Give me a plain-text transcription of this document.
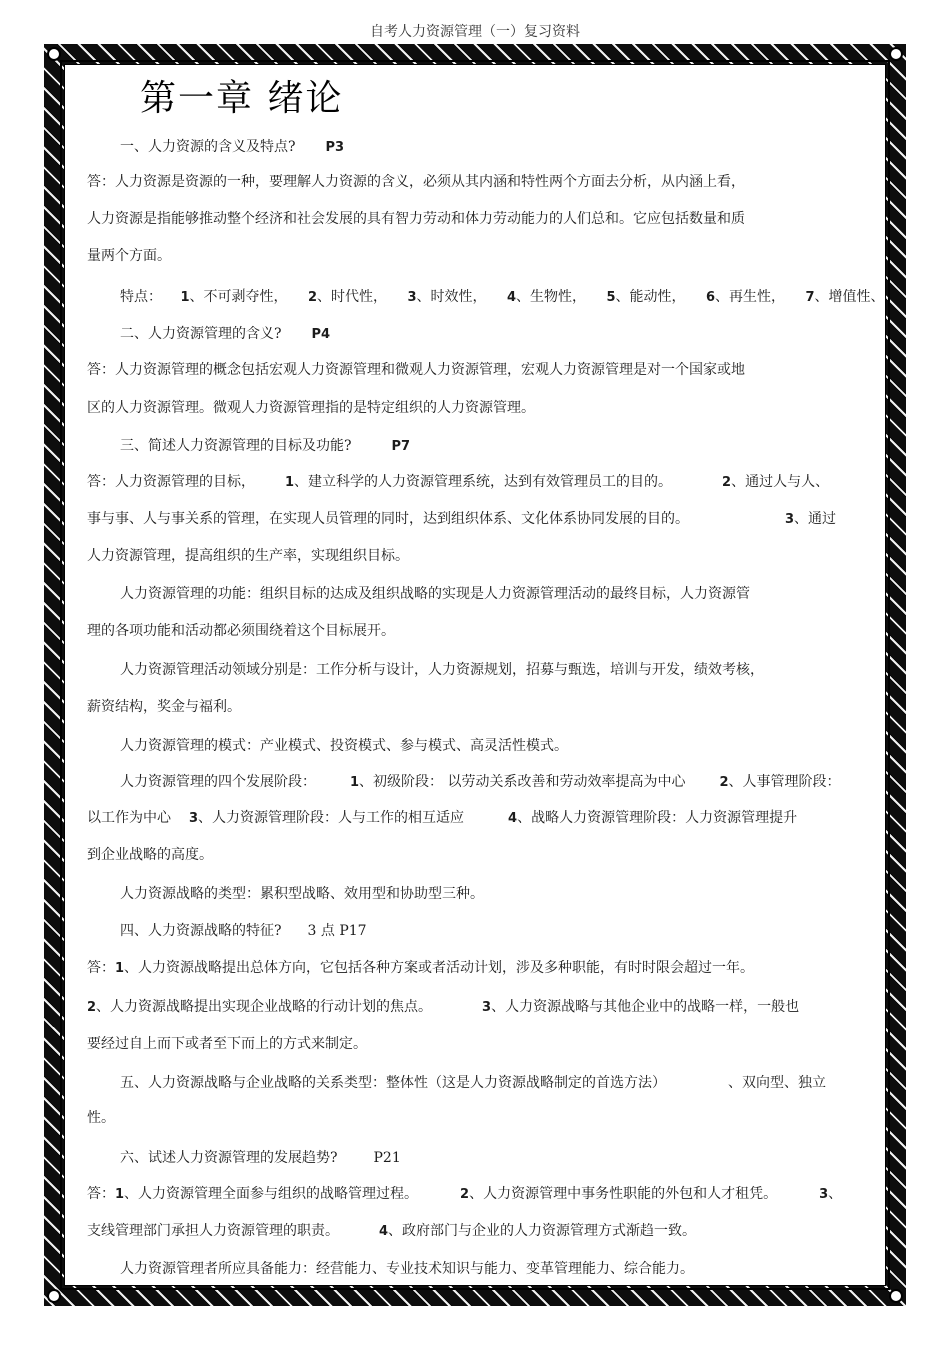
自考人力资源管理（一）复习资料
第一章 绪论
一、人力资源的含义及特点? P3
答：人力资源是资源的一种，要理解人力资源的含义，必须从其内涵和特性两个方面去分析，从内涵上看，
人力资源是指能够推动整个经济和社会发展的具有智力劳动和体力劳动能力的人们总和。它应包括数量和质
量两个方面。
特点： 1、不可剥夺性， 2、时代性， 3、时效性， 4、生物性， 5、能动性， 6、再生性， 7、增值性、
二、人力资源管理的含义? P4
答：人力资源管理的概念包括宏观人力资源管理和微观人力资源管理，宏观人力资源管理是对一个国家或地
区的人力资源管理。微观人力资源管理指的是特定组织的人力资源管理。
三、简述人力资源管理的目标及功能?	P7
答：人力资源管理的目标， 1、建立科学的人力资源管理系统，达到有效管理员工的目的。	2、通过人与人、
事与事、人与事关系的管理，在实现人员管理的同时，达到组织体系、文化体系协同发展的目的。	3、通过
人力资源管理，提高组织的生产率，实现组织目标。
人力资源管理的功能：组织目标的达成及组织战略的实现是人力资源管理活动的最终目标，人力资源管
理的各项功能和活动都必须围绕着这个目标展开。
人力资源管理活动领域分别是：工作分析与设计，人力资源规划，招募与甄选，培训与开发，绩效考核，
薪资结构，奖金与福利。
人力资源管理的模式：产业模式、投资模式、参与模式、高灵活性模式。
人力资源管理的四个发展阶段：	1、初级阶段： 以劳动关系改善和劳动效率提高为中心	2、人事管理阶段：
以工作为中心 3、人力资源管理阶段：人与工作的相互适应	4、战略人力资源管理阶段：人力资源管理提升
到企业战略的高度。
人力资源战略的类型：累积型战略、效用型和协助型三种。
四、人力资源战略的特征? 3 点 P17
答：1、人力资源战略提出总体方向，它包括各种方案或者活动计划，涉及多种职能，有时时限会超过一年。
2、人力资源战略提出实现企业战略的行动计划的焦点。	3、人力资源战略与其他企业中的战略一样，一般也
要经过自上而下或者至下而上的方式来制定。
五、人力资源战略与企业战略的关系类型：整体性（这是人力资源战略制定的首选方法）	、双向型、独立
性。
六、试述人力资源管理的发展趋势?	P21
答：1、人力资源管理全面参与组织的战略管理过程。	2、人力资源管理中事务性职能的外包和人才租凭。	3、
支线管理部门承担人力资源管理的职责。	4、政府部门与企业的人力资源管理方式渐趋一致。
人力资源管理者所应具备能力：经营能力、专业技术知识与能力、变革管理能力、综合能力。
